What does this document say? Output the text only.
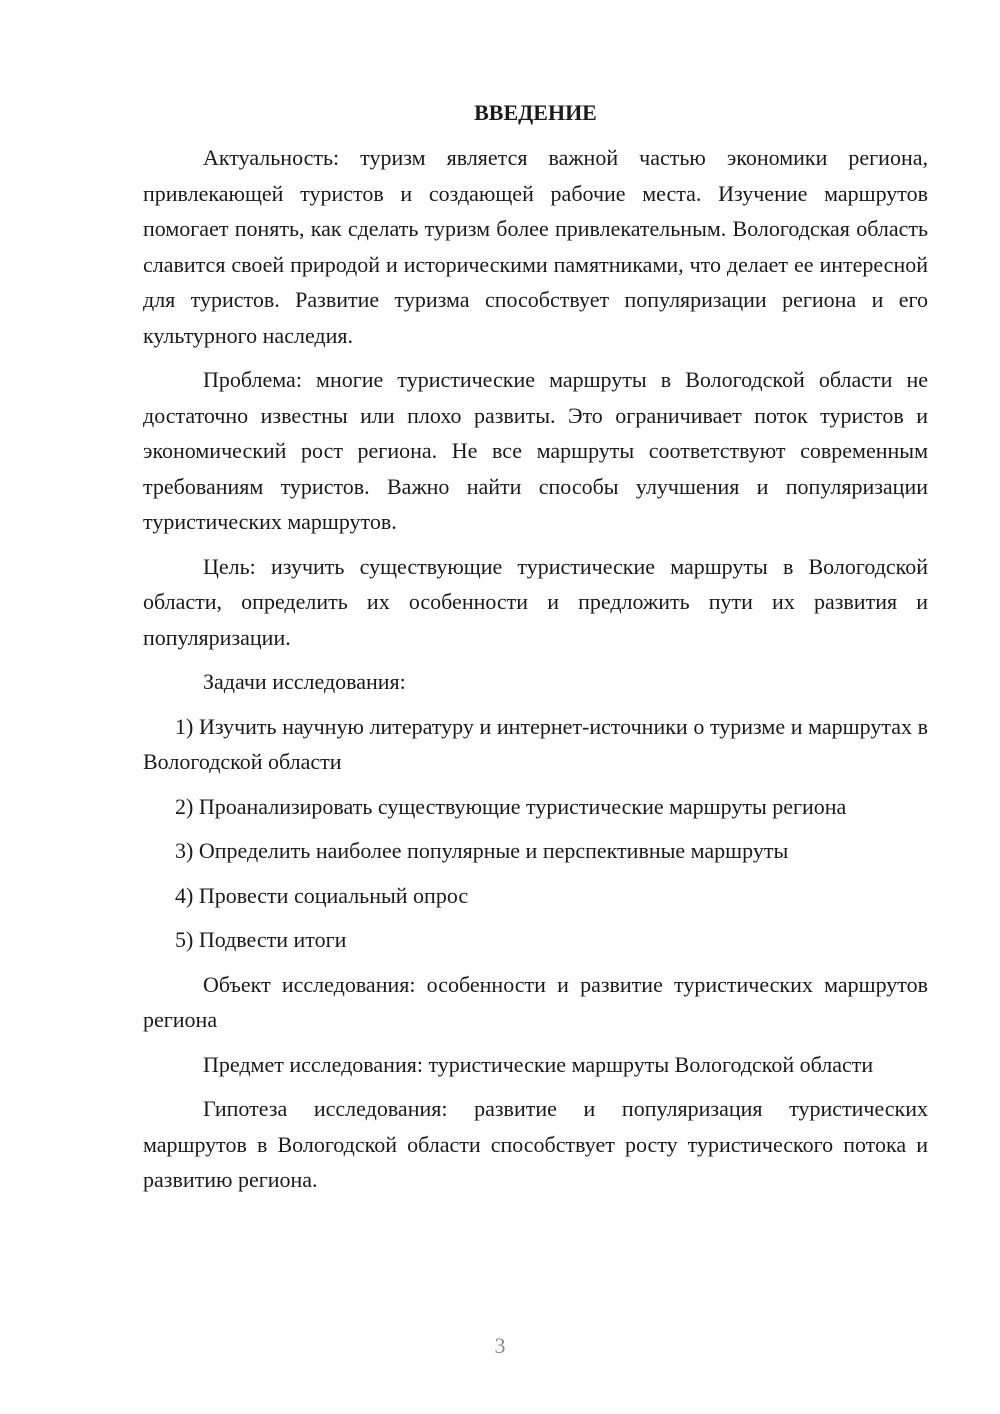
ВВЕДЕНИЕ

Актуальность: туризм является важной частью экономики региона, привлекающей туристов и создающей рабочие места. Изучение маршрутов помогает понять, как сделать туризм более привлекательным. Вологодская область славится своей природой и историческими памятниками, что делает ее интересной для туристов. Развитие туризма способствует популяризации региона и его культурного наследия.

Проблема: многие туристические маршруты в Вологодской области не достаточно известны или плохо развиты. Это ограничивает поток туристов и экономический рост региона. Не все маршруты соответствуют современным требованиям туристов. Важно найти способы улучшения и популяризации туристических маршрутов.

Цель: изучить существующие туристические маршруты в Вологодской области, определить их особенности и предложить пути их развития и популяризации.

Задачи исследования:

1) Изучить научную литературу и интернет-источники о туризме и маршрутах в Вологодской области

2) Проанализировать существующие туристические маршруты региона

3) Определить наиболее популярные и перспективные маршруты

4) Провести социальный опрос

5) Подвести итоги

Объект исследования: особенности и развитие туристических маршрутов региона

Предмет исследования: туристические маршруты Вологодской области

Гипотеза исследования: развитие и популяризация туристических маршрутов в Вологодской области способствует росту туристического потока и развитию региона.

3
